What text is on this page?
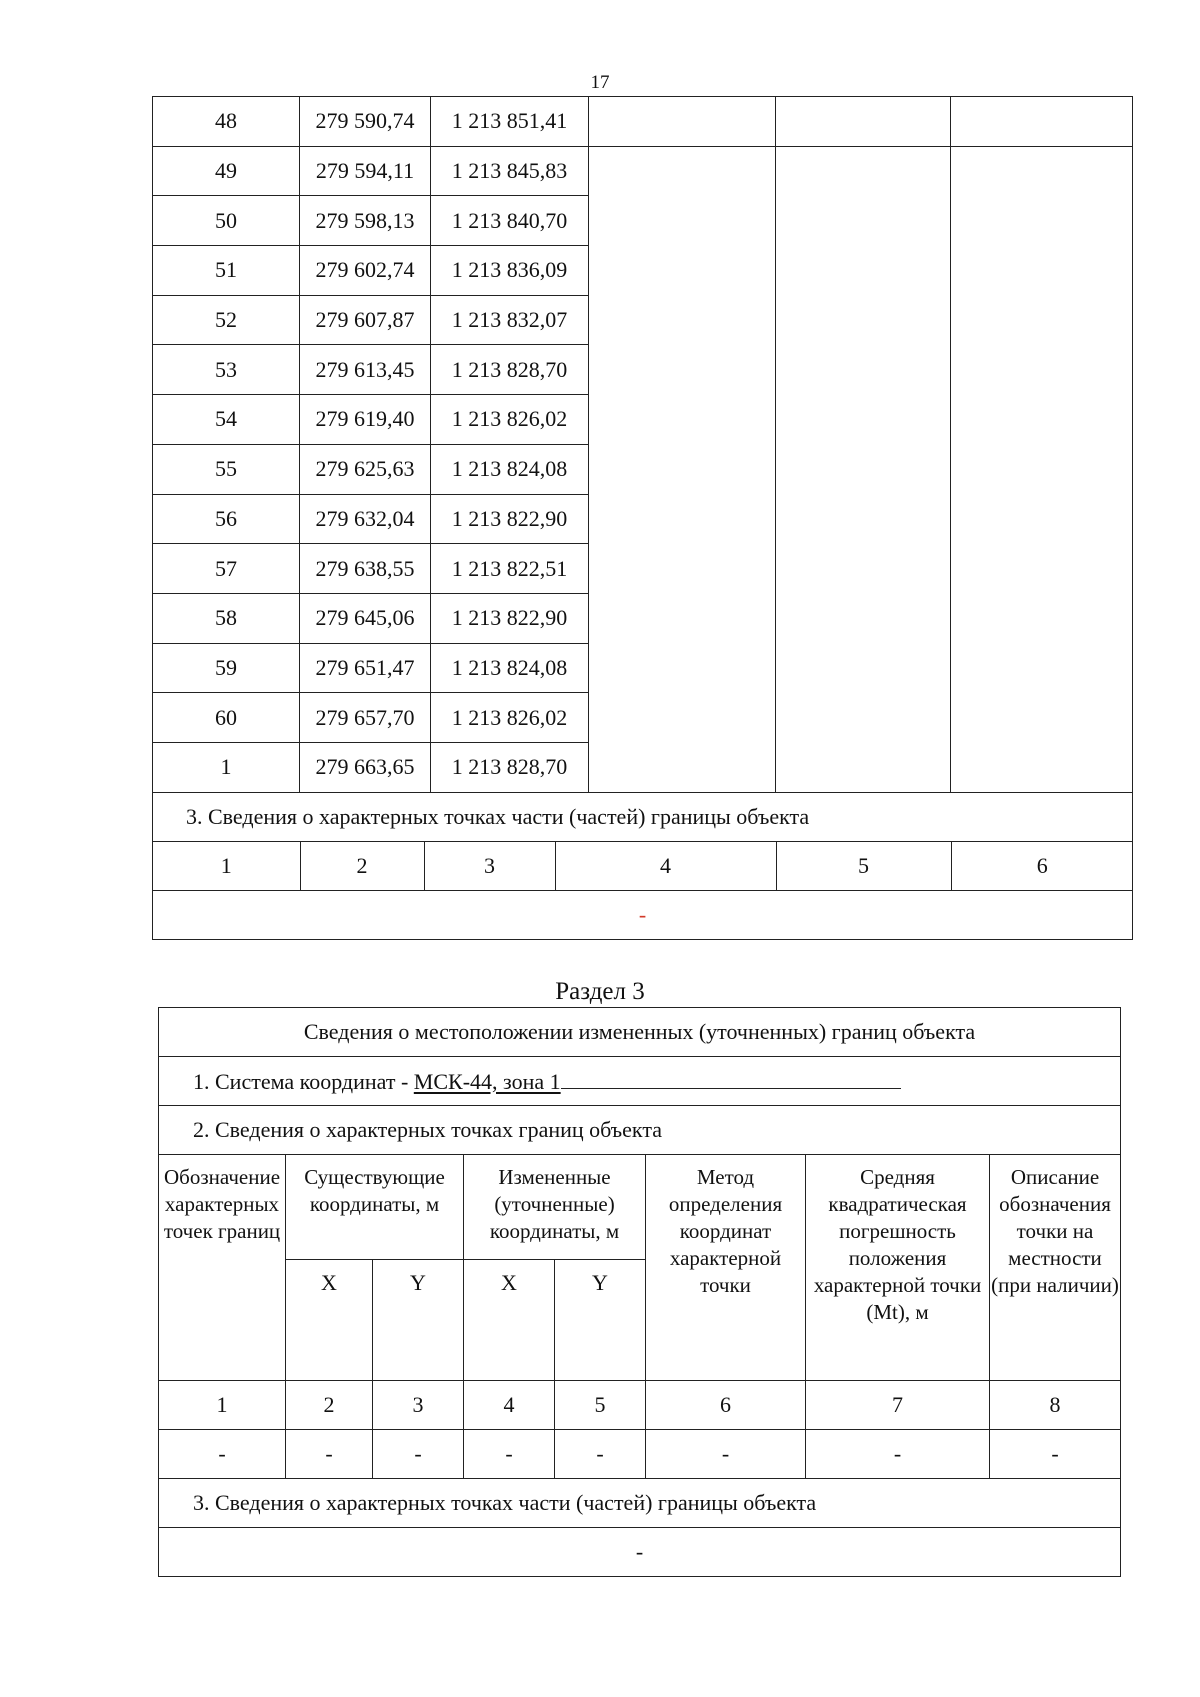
17
48	279 590,74	1 213 851,41			
49	279 594,11	1 213 845,83			
50	279 598,13	1 213 840,70
51	279 602,74	1 213 836,09
52	279 607,87	1 213 832,07
53	279 613,45	1 213 828,70
54	279 619,40	1 213 826,02
55	279 625,63	1 213 824,08
56	279 632,04	1 213 822,90
57	279 638,55	1 213 822,51
58	279 645,06	1 213 822,90
59	279 651,47	1 213 824,08
60	279 657,70	1 213 826,02
1	279 663,65	1 213 828,70
3. Сведения о характерных точках части (частей) границы объекта

1	2	3	4	5	6

-
Раздел 3
Сведения о местоположении измененных (уточненных) границ объекта							
1. Система координат - МСК-44, зона 1							
2. Сведения о характерных точках границ объекта							
Обозначение характерных точек границ	Существующие координаты, м		Измененные (уточненные) координаты, м		Метод определения координат характерной точки	Средняя квадратическая погрешность положения характерной точки (Mt), м	Описание обозначения точки на местности (при наличии)
	X	Y	X	Y			
1	2	3	4	5	6	7	8
-	-	-	-	-	-	-	-
3. Сведения о характерных точках части (частей) границы объекта							
-							
